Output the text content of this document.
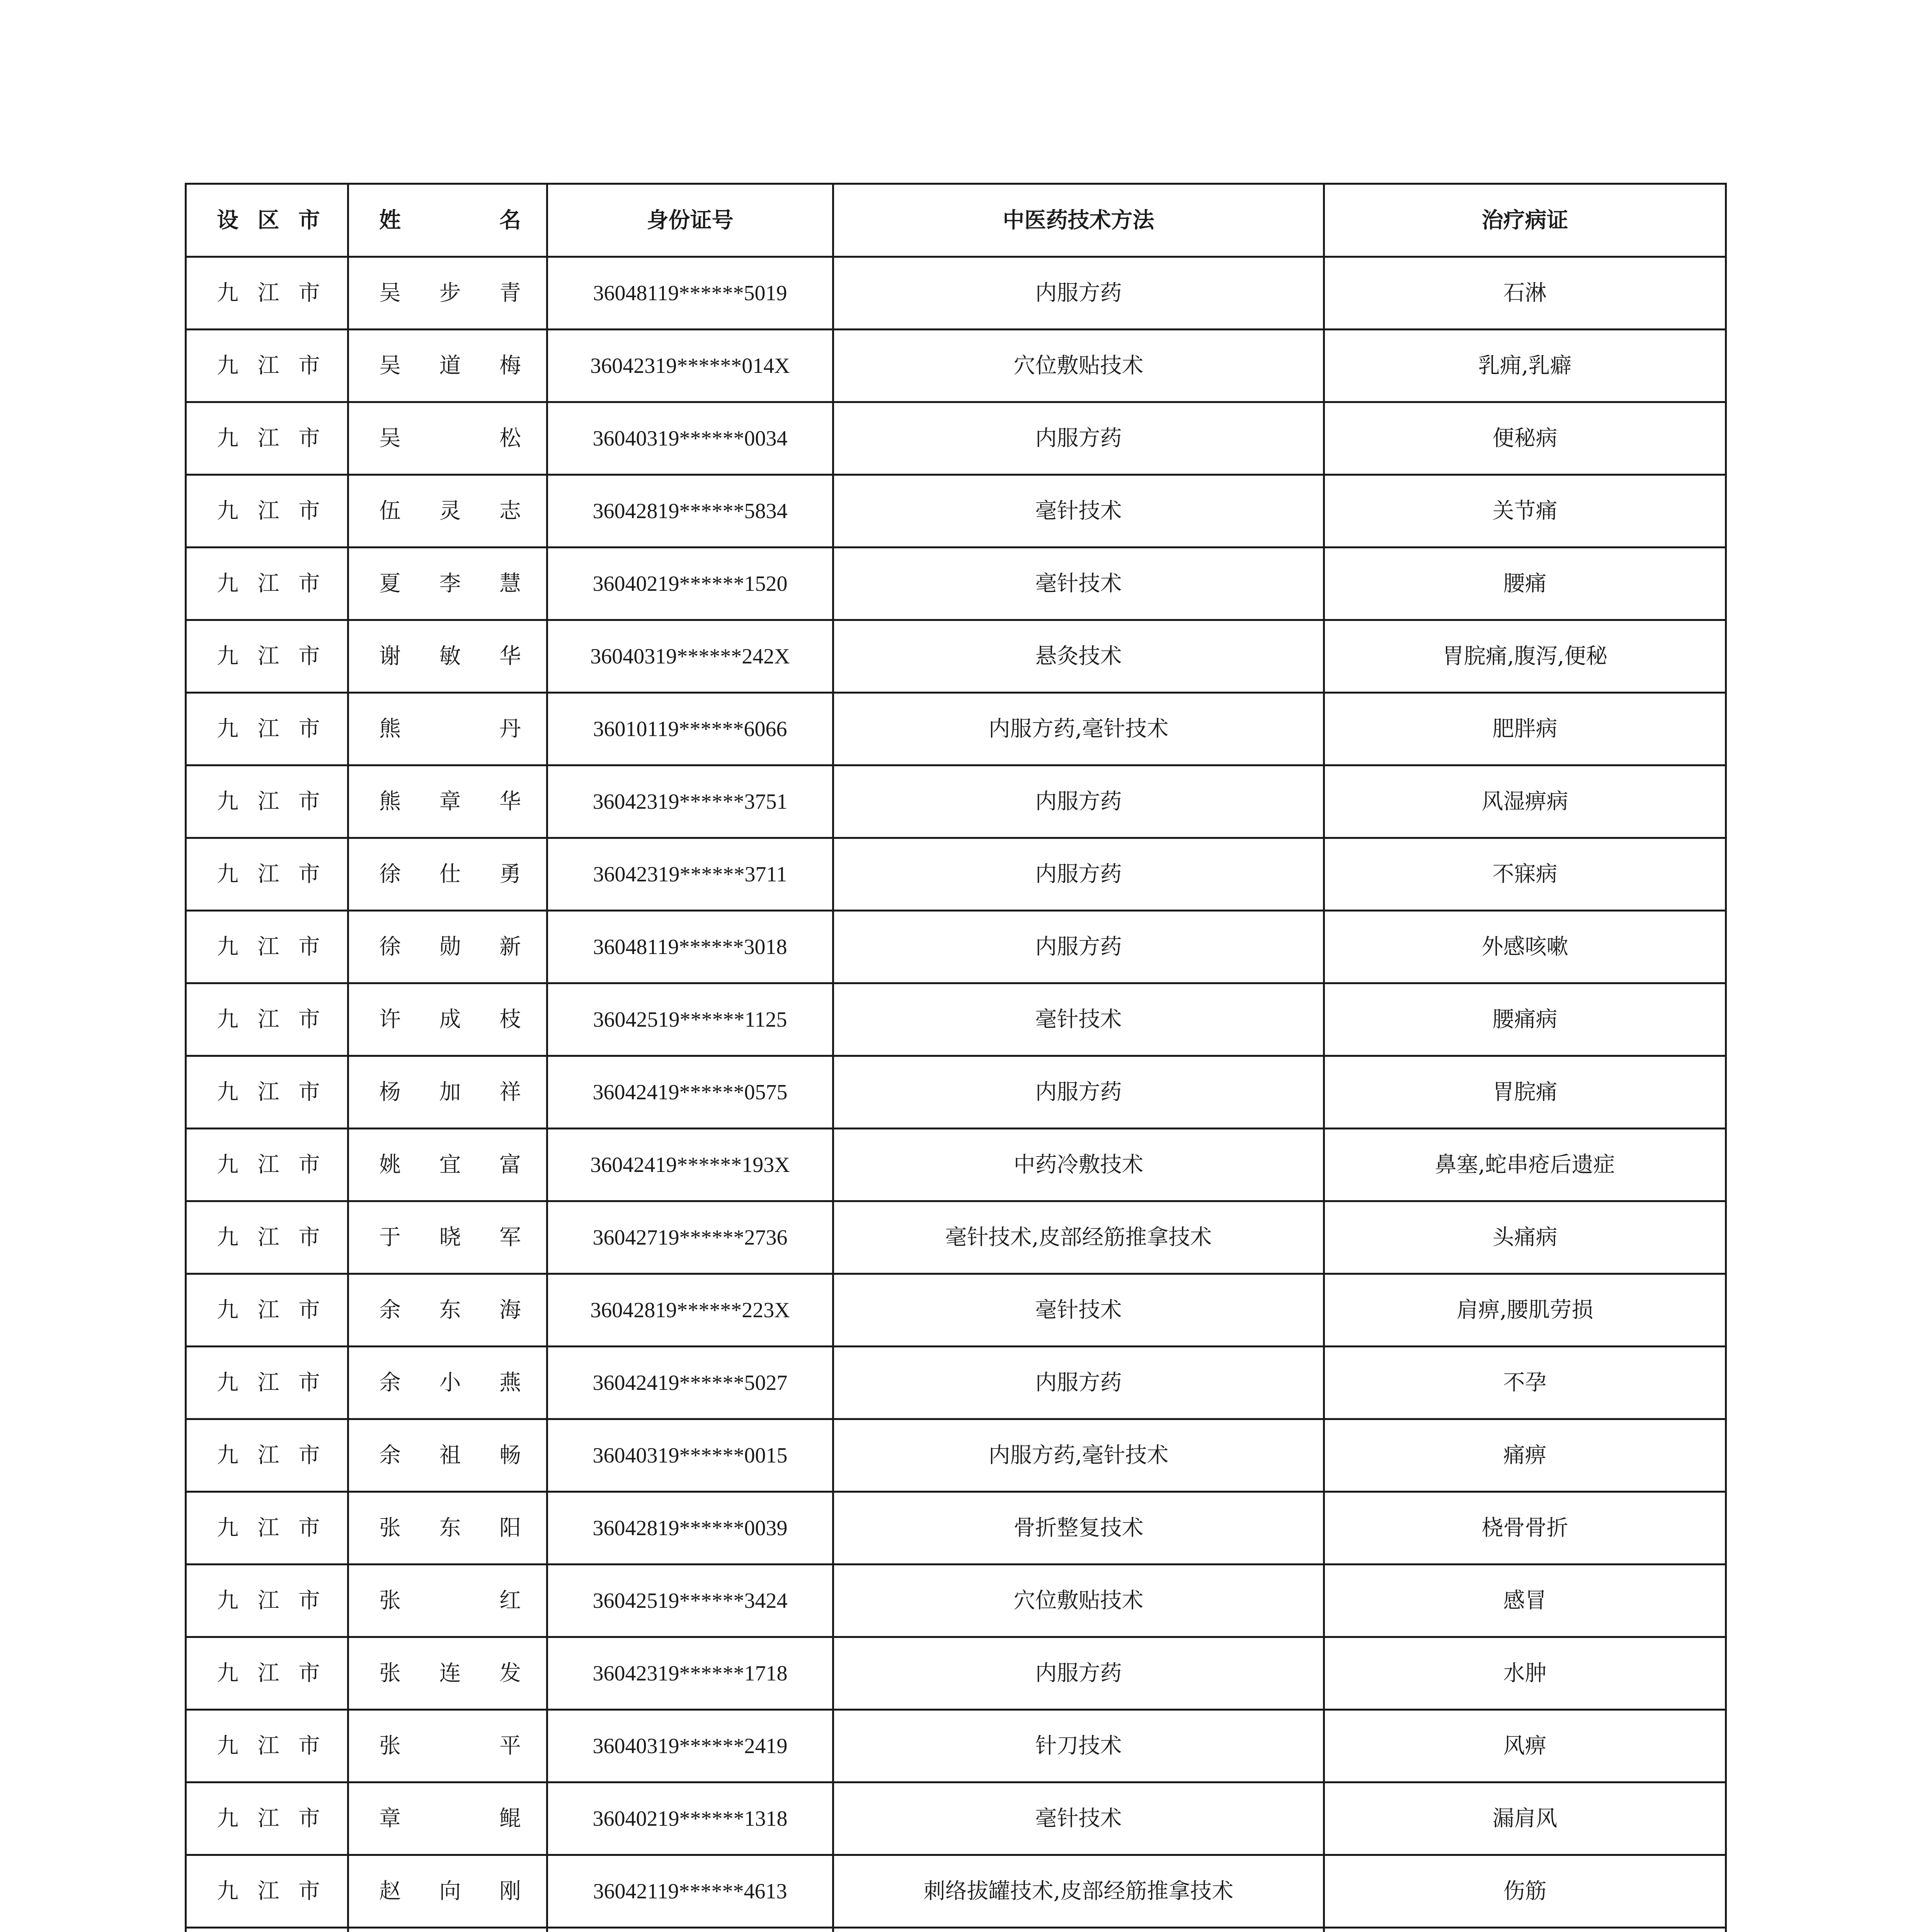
设 区 市	姓 名	身份证号	中医药技术方法	治疗病证

九 江 市	吴 步 青	36048119******5019	内服方药	石淋

九 江 市	吴 道 梅	36042319******014X	穴位敷贴技术	乳痈,乳癖

九 江 市	吴 松	36040319******0034	内服方药	便秘病

九 江 市	伍 灵 志	36042819******5834	毫针技术	关节痛

九 江 市	夏 李 慧	36040219******1520	毫针技术	腰痛

九 江 市	谢 敏 华	36040319******242X	悬灸技术	胃脘痛,腹泻,便秘

九 江 市	熊 丹	36010119******6066	内服方药,毫针技术	肥胖病

九 江 市	熊 章 华	36042319******3751	内服方药	风湿痹病

九 江 市	徐 仕 勇	36042319******3711	内服方药	不寐病

九 江 市	徐 勋 新	36048119******3018	内服方药	外感咳嗽

九 江 市	许 成 枝	36042519******1125	毫针技术	腰痛病

九 江 市	杨 加 祥	36042419******0575	内服方药	胃脘痛

九 江 市	姚 宜 富	36042419******193X	中药冷敷技术	鼻塞,蛇串疮后遗症

九 江 市	于 晓 军	36042719******2736	毫针技术,皮部经筋推拿技术	头痛病

九 江 市	余 东 海	36042819******223X	毫针技术	肩痹,腰肌劳损

九 江 市	余 小 燕	36042419******5027	内服方药	不孕

九 江 市	余 祖 畅	36040319******0015	内服方药,毫针技术	痛痹

九 江 市	张 东 阳	36042819******0039	骨折整复技术	桡骨骨折

九 江 市	张 红	36042519******3424	穴位敷贴技术	感冒

九 江 市	张 连 发	36042319******1718	内服方药	水肿

九 江 市	张 平	36040319******2419	针刀技术	风痹

九 江 市	章 鲲	36040219******1318	毫针技术	漏肩风

九 江 市	赵 向 刚	36042119******4613	刺络拔罐技术,皮部经筋推拿技术	伤筋
